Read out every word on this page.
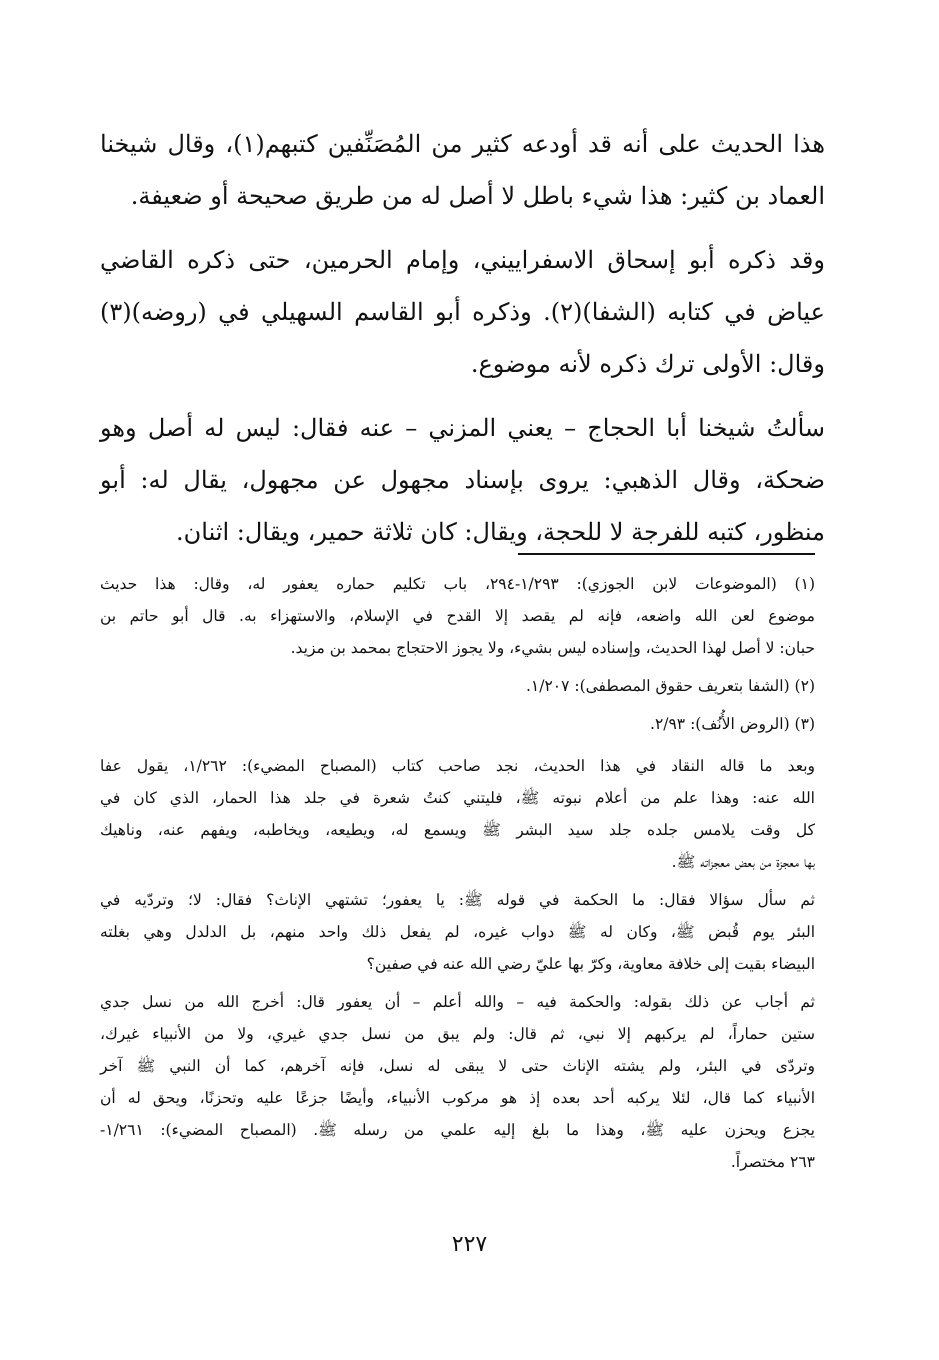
هذا الحديث على أنه قد أودعه كثير من المُصَنِّفين كتبهم(١)، وقال شيخنا
العماد بن كثير: هذا شيء باطل لا أصل له من طريق صحيحة أو ضعيفة.

وقد ذكره أبو إسحاق الاسفراييني، وإمام الحرمين، حتى ذكره القاضي
عياض في كتابه (الشفا)(٢). وذكره أبو القاسم السهيلي في (روضه)(٣)
وقال: الأولى ترك ذكره لأنه موضوع.

سألتُ شيخنا أبا الحجاج – يعني المزني – عنه فقال: ليس له أصل وهو
ضحكة، وقال الذهبي: يروى بإسناد مجهول عن مجهول، يقال له: أبو
منظور، كتبه للفرجة لا للحجة، ويقال: كان ثلاثة حمير، ويقال: اثنان.

(١) (الموضوعات لابن الجوزي): ١/٢٩٣-٢٩٤، باب تكليم حماره يعفور له، وقال: هذا حديث
موضوع لعن الله واضعه، فإنه لم يقصد إلا القدح في الإسلام، والاستهزاء به. قال أبو حاتم بن
حبان: لا أصل لهذا الحديث، وإسناده ليس بشيء، ولا يجوز الاحتجاج بمحمد بن مزيد.
(٢) (الشفا بتعريف حقوق المصطفى): ١/٢٠٧.
(٣) (الروض الأُنُف): ٢/٩٣.
وبعد ما قاله النقاد في هذا الحديث، نجد صاحب كتاب (المصباح المضيء): ١/٢٦٢، يقول عفا
الله عنه: وهذا علم من أعلام نبوته ﷺ، فليتني كنتُ شعرة في جلد هذا الحمار، الذي كان في
كل وقت يلامس جلده جلد سيد البشر ﷺ ويسمع له، ويطيعه، ويخاطبه، ويفهم عنه، وناهيك
بها معجزة من بعض معجزاته ﷺ.
ثم سأل سؤالا فقال: ما الحكمة في قوله ﷺ: يا يعفور؛ تشتهي الإناث؟ فقال: لا؛ وتردّيه في
البئر يوم قُبض ﷺ، وكان له ﷺ دواب غيره، لم يفعل ذلك واحد منهم، بل الدلدل وهي بغلته
البيضاء بقيت إلى خلافة معاوية، وكرّ بها عليّ رضي الله عنه في صفين؟
ثم أجاب عن ذلك بقوله: والحكمة فيه – والله أعلم – أن يعفور قال: أخرج الله من نسل جدي
ستين حماراً، لم يركبهم إلا نبي، ثم قال: ولم يبق من نسل جدي غيري، ولا من الأنبياء غيرك،
وتردّى في البئر، ولم يشته الإناث حتى لا يبقى له نسل، فإنه آخرهم، كما أن النبي ﷺ آخر
الأنبياء كما قال، لئلا يركبه أحد بعده إذ هو مركوب الأنبياء، وأيضًا جزعًا عليه وتحزنًا، ويحق له أن
يجزع ويحزن عليه ﷺ، وهذا ما بلغ إليه علمي من رسله ﷺ. (المصباح المضيء): ١/٢٦١-
٢٦٣ مختصراً.
٢٢٧
